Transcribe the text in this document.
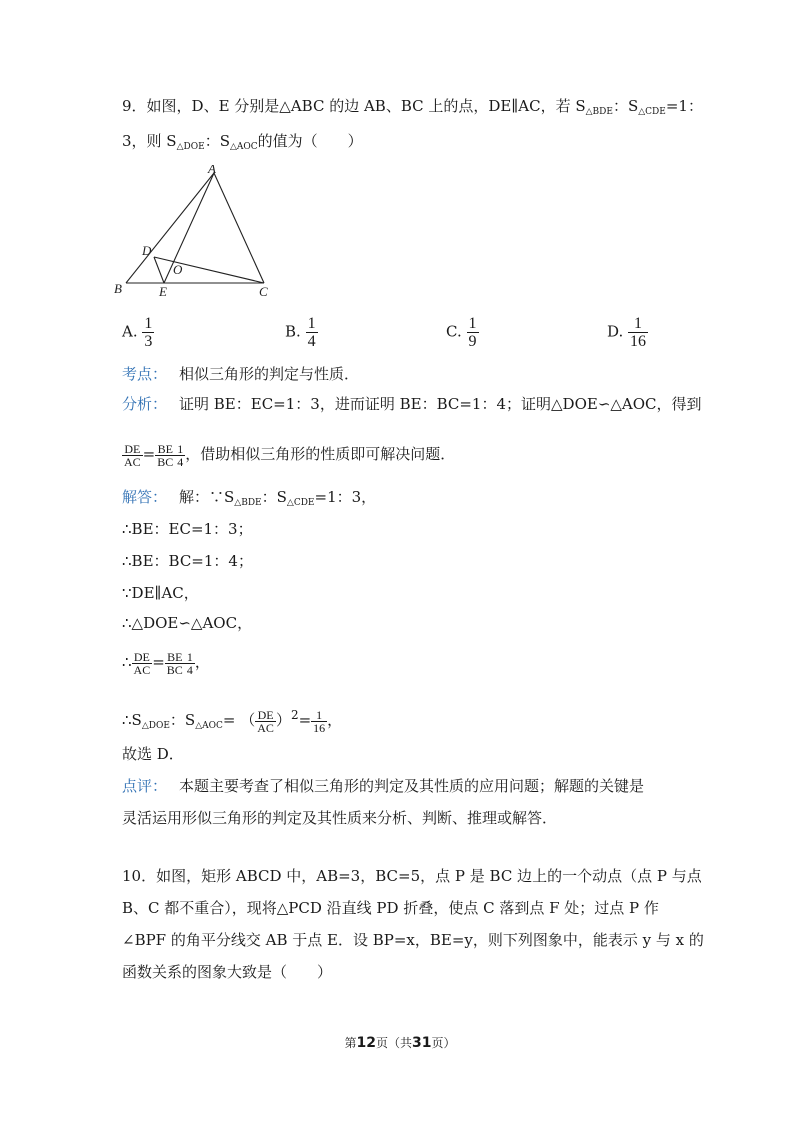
9．如图，D、E 分别是△ABC 的边 AB、BC 上的点，DE∥AC，若 $S_{\triangle BDE}$：$S_{\triangle CDE}=1$：
3，则 $S_{\triangle DOE}$：$S_{\triangle AOC}$的值为（　　）
A
B	C
D
E
O
A. $\frac{1}{3}$	B. $\frac{1}{4}$	C. $\frac{1}{9}$	D. $\frac{1}{16}$
考点： 相似三角形的判定与性质．
分析： 证明 BE：EC=1：3，进而证明 BE：BC=1：4；证明△DOE∽△AOC，得到
$\frac{DE}{AC} = \frac{BE}{BC} \frac{1}{4}$ ，借助相似三角形的性质即可解决问题．
解答： 解：$\because S_{\triangle BDE}$：$S_{\triangle CDE}=1$：3，
∴BE：EC=1：3；
∴BE：BC=1：4；
∵DE∥AC，
∴△DOE∽△AOC，
∴ $\frac{DE}{AC} = \frac{BE}{BC} \frac{1}{4}$ ，
$\therefore S_{\triangle DOE}$：$S_{\triangle AOC}=$ （ $\frac{DE}{AC} )^2= \frac{1}{16}$ ，
故选 D．
点评： 本题主要考查了相似三角形的判定及其性质的应用问题；解题的关键是
灵活运用形似三角形的判定及其性质来分析、判断、推理或解答．
10．如图，矩形 ABCD 中，AB=3，BC=5，点 P 是 BC 边上的一个动点（点 P 与点
B、C 都不重合），现将△PCD 沿直线 PD 折叠，使点 C 落到点 F 处；过点 P 作
∠BPF 的角平分线交 AB 于点 E．设 BP=x，BE=y，则下列图象中，能表示 y 与 x 的
函数关系的图象大致是（　　）
第12页（共31页）
